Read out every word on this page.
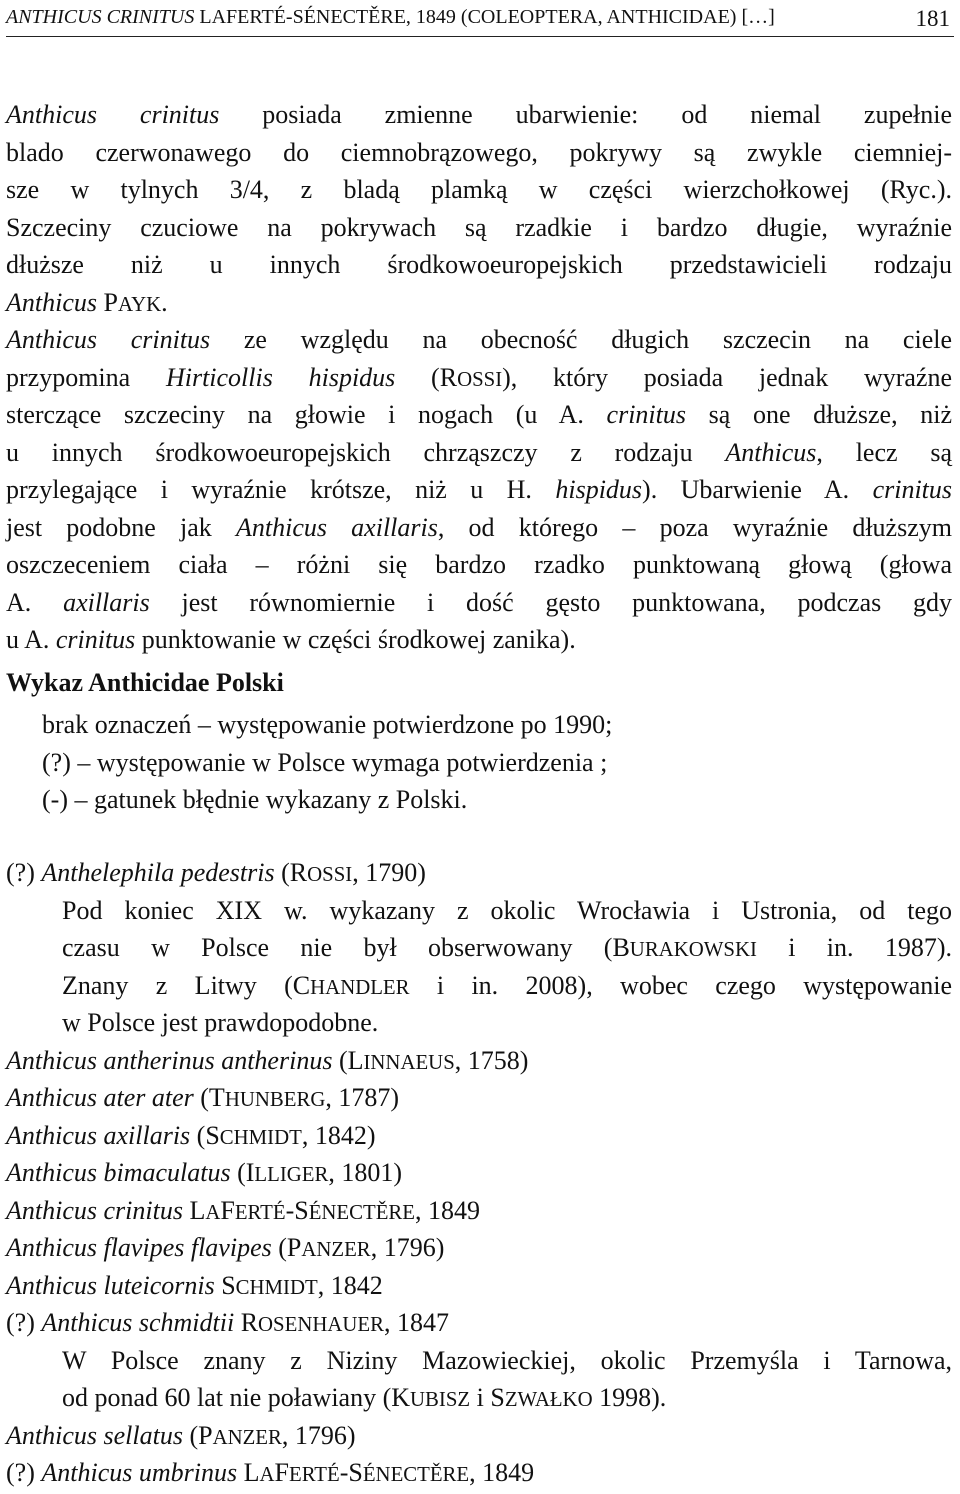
ANTHICUS CRINITUS LAFERTÉ-SÉNECTĚRE, 1849 (COLEOPTERA, ANTHICIDAE) […]	181
Anthicus crinitus posiada zmienne ubarwienie: od niemal zupełnie
blado czerwonawego do ciemnobrązowego, pokrywy są zwykle ciemniej-
sze w tylnych 3/4, z bladą plamką w części wierzchołkowej (Ryc.).
Szczeciny czuciowe na pokrywach są rzadkie i bardzo długie, wyraźnie
dłuższe niż u innych środkowoeuropejskich przedstawicieli rodzaju
Anthicus PAYK.
Anthicus crinitus ze względu na obecność długich szczecin na ciele
przypomina Hirticollis hispidus (ROSSI), który posiada jednak wyraźne
sterczące szczeciny na głowie i nogach (u A. crinitus są one dłuższe, niż
u innych środkowoeuropejskich chrząszczy z rodzaju Anthicus, lecz są
przylegające i wyraźnie krótsze, niż u H. hispidus). Ubarwienie A. crinitus
jest podobne jak Anthicus axillaris, od którego – poza wyraźnie dłuższym
oszczeceniem ciała – różni się bardzo rzadko punktowaną głową (głowa
A. axillaris jest równomiernie i dość gęsto punktowana, podczas gdy
u A. crinitus punktowanie w części środkowej zanika).
Wykaz Anthicidae Polski
brak oznaczeń – występowanie potwierdzone po 1990;
(?) – występowanie w Polsce wymaga potwierdzenia ;
(-) – gatunek błędnie wykazany z Polski.
(?) Anthelephila pedestris (ROSSI, 1790)
Pod koniec XIX w. wykazany z okolic Wrocławia i Ustronia, od tego
czasu w Polsce nie był obserwowany (BURAKOWSKI i in. 1987).
Znany z Litwy (CHANDLER i in. 2008), wobec czego występowanie
w Polsce jest prawdopodobne.
Anthicus antherinus antherinus (LINNAEUS, 1758)
Anthicus ater ater (THUNBERG, 1787)
Anthicus axillaris (SCHMIDT, 1842)
Anthicus bimaculatus (ILLIGER, 1801)
Anthicus crinitus LAFERTÉ-SÉNECTĚRE, 1849
Anthicus flavipes flavipes (PANZER, 1796)
Anthicus luteicornis SCHMIDT, 1842
(?) Anthicus schmidtii ROSENHAUER, 1847
W Polsce znany z Niziny Mazowieckiej, okolic Przemyśla i Tarnowa,
od ponad 60 lat nie poławiany (KUBISZ i SZWAŁKO 1998).
Anthicus sellatus (PANZER, 1796)
(?) Anthicus umbrinus LAFERTÉ-SÉNECTĚRE, 1849
